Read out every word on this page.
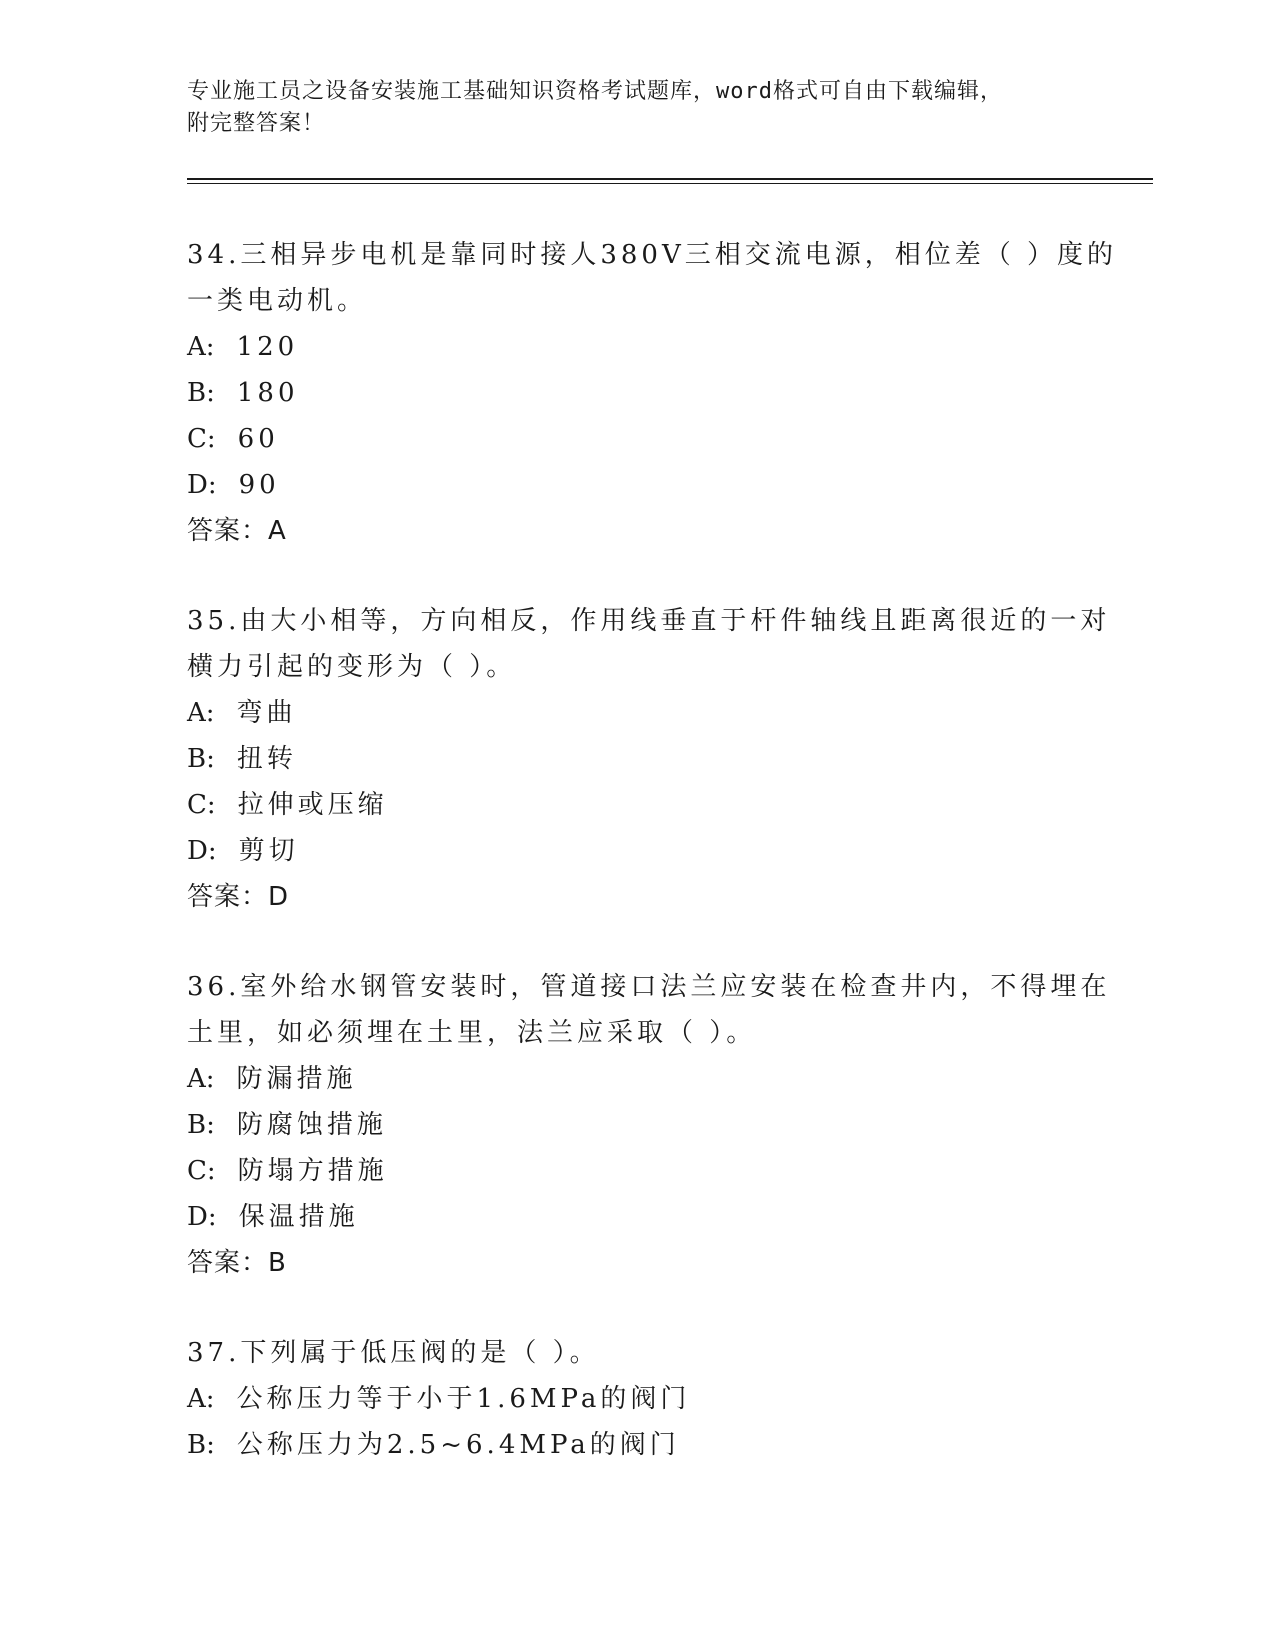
专业施工员之设备安装施工基础知识资格考试题库，word格式可自由下载编辑，
附完整答案！
34.三相异步电机是靠同时接人380V三相交流电源，相位差（ ）度的
一类电动机。
A: 120
B: 180
C: 60
D: 90
答案：A
35.由大小相等，方向相反，作用线垂直于杆件轴线且距离很近的一对
横力引起的变形为（ ）。
A: 弯曲
B: 扭转
C: 拉伸或压缩
D: 剪切
答案：D
36.室外给水钢管安装时，管道接口法兰应安装在检查井内，不得埋在
土里，如必须埋在土里，法兰应采取（ ）。
A: 防漏措施
B: 防腐蚀措施
C: 防塌方措施
D: 保温措施
答案：B
37.下列属于低压阀的是（ ）。
A: 公称压力等于小于1.6MPa的阀门
B: 公称压力为2.5~6.4MPa的阀门
